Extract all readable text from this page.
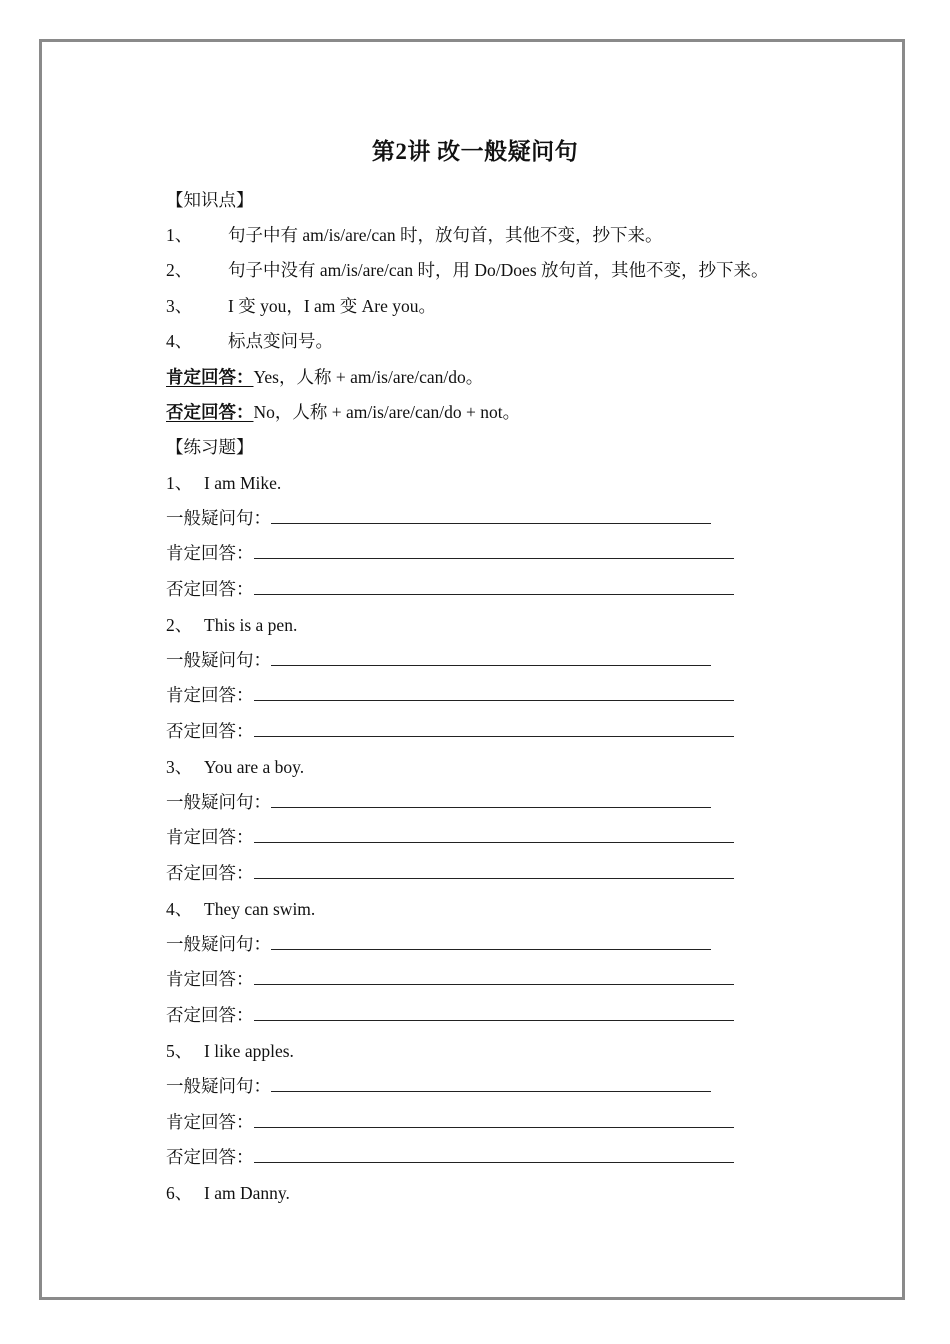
第2讲 改一般疑问句
【知识点】
1、 句子中有 am/is/are/can 时，放句首，其他不变，抄下来。
2、 句子中没有 am/is/are/can 时，用 Do/Does 放句首，其他不变，抄下来。
3、 I 变 you，I am 变 Are you。
4、 标点变问号。
肯定回答：Yes，人称 + am/is/are/can/do。
否定回答：No，人称 + am/is/are/can/do + not。
【练习题】
1、 I am Mike.
一般疑问句：
肯定回答：
否定回答：
2、 This is a pen.
一般疑问句：
肯定回答：
否定回答：
3、 You are a boy.
一般疑问句：
肯定回答：
否定回答：
4、 They can swim.
一般疑问句：
肯定回答：
否定回答：
5、 I like apples.
一般疑问句：
肯定回答：
否定回答：
6、 I am Danny.
